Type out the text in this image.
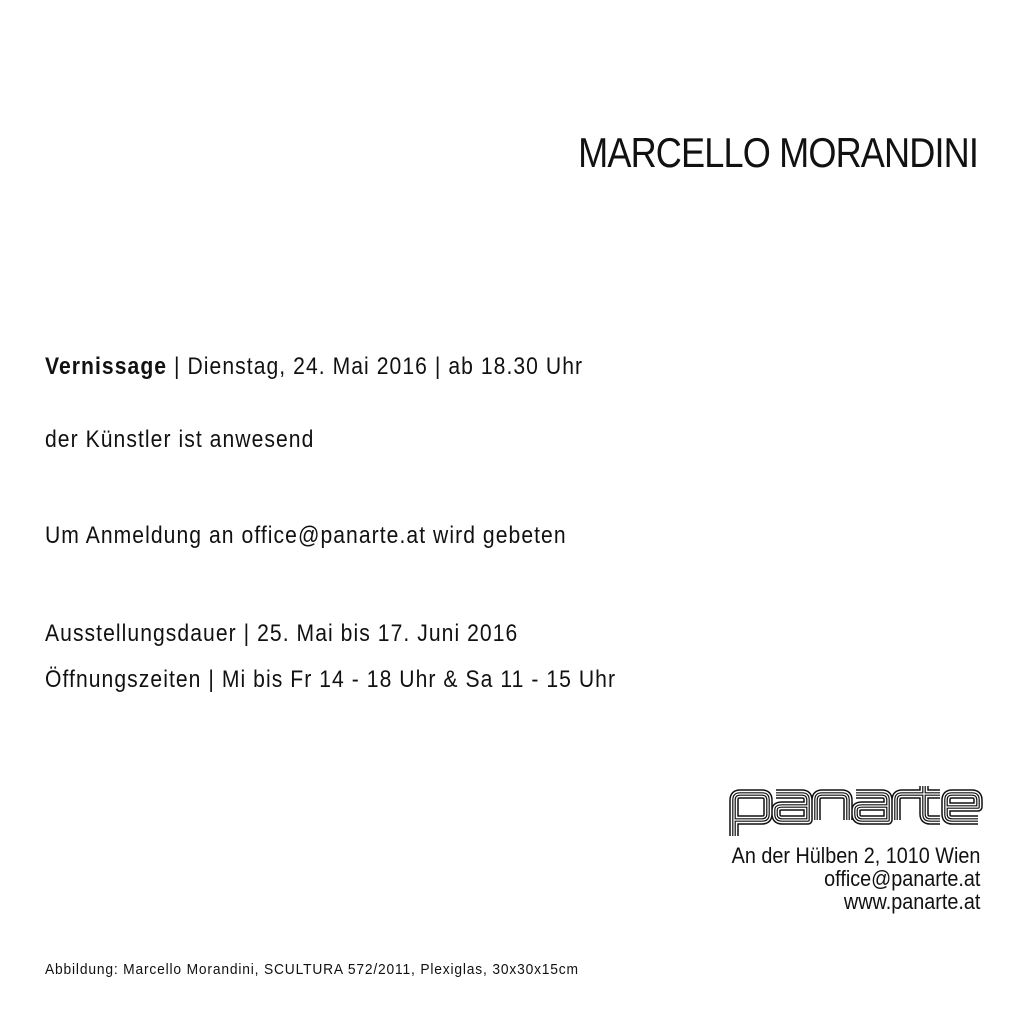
MARCELLO MORANDINI
Vernissage | Dienstag, 24. Mai 2016 | ab 18.30 Uhr
der Künstler ist anwesend
Um Anmeldung an office@panarte.at wird gebeten
Ausstellungsdauer | 25. Mai bis 17. Juni 2016
Öffnungszeiten | Mi bis Fr 14 - 18 Uhr & Sa 11 - 15 Uhr
An der Hülben 2, 1010 Wien
office@panarte.at
www.panarte.at
Abbildung: Marcello Morandini, SCULTURA 572/2011, Plexiglas, 30x30x15cm
